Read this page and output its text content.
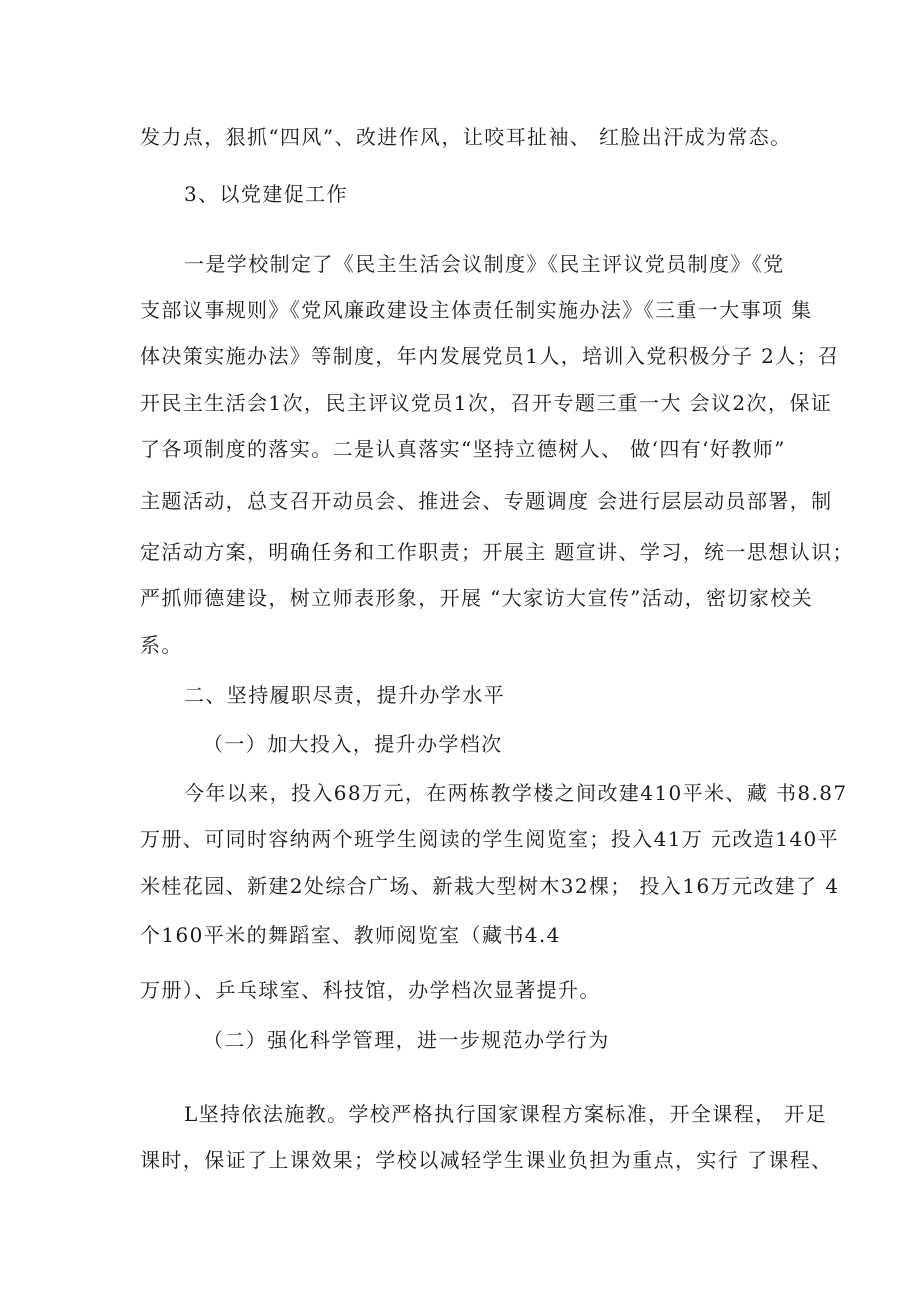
发力点，狠抓“四风”、改进作风，让咬耳扯袖、 红脸出汗成为常态。
3、以党建促工作
一是学校制定了《民主生活会议制度》《民主评议党员制度》《党
支部议事规则》《党风廉政建设主体责任制实施办法》《三重一大事项 集
体决策实施办法》等制度，年内发展党员1人，培训入党积极分子 2人；召
开民主生活会1次，民主评议党员1次，召开专题三重一大 会议2次，保证
了各项制度的落实。二是认真落实“坚持立德树人、 做‘四有‘好教师”
主题活动，总支召开动员会、推进会、专题调度 会进行层层动员部署，制
定活动方案，明确任务和工作职责；开展主 题宣讲、学习，统一思想认识；
严抓师德建设，树立师表形象，开展 “大家访大宣传”活动，密切家校关
系。
二、坚持履职尽责，提升办学水平
（一）加大投入，提升办学档次
今年以来，投入68万元，在两栋教学楼之间改建410平米、藏 书8.87
万册、可同时容纳两个班学生阅读的学生阅览室；投入41万 元改造140平
米桂花园、新建2处综合广场、新栽大型树木32棵； 投入16万元改建了 4
个160平米的舞蹈室、教师阅览室（藏书4.4
万册）、乒乓球室、科技馆，办学档次显著提升。
（二）强化科学管理，进一步规范办学行为
L坚持依法施教。学校严格执行国家课程方案标准，开全课程， 开足
课时，保证了上课效果；学校以减轻学生课业负担为重点，实行 了课程、
